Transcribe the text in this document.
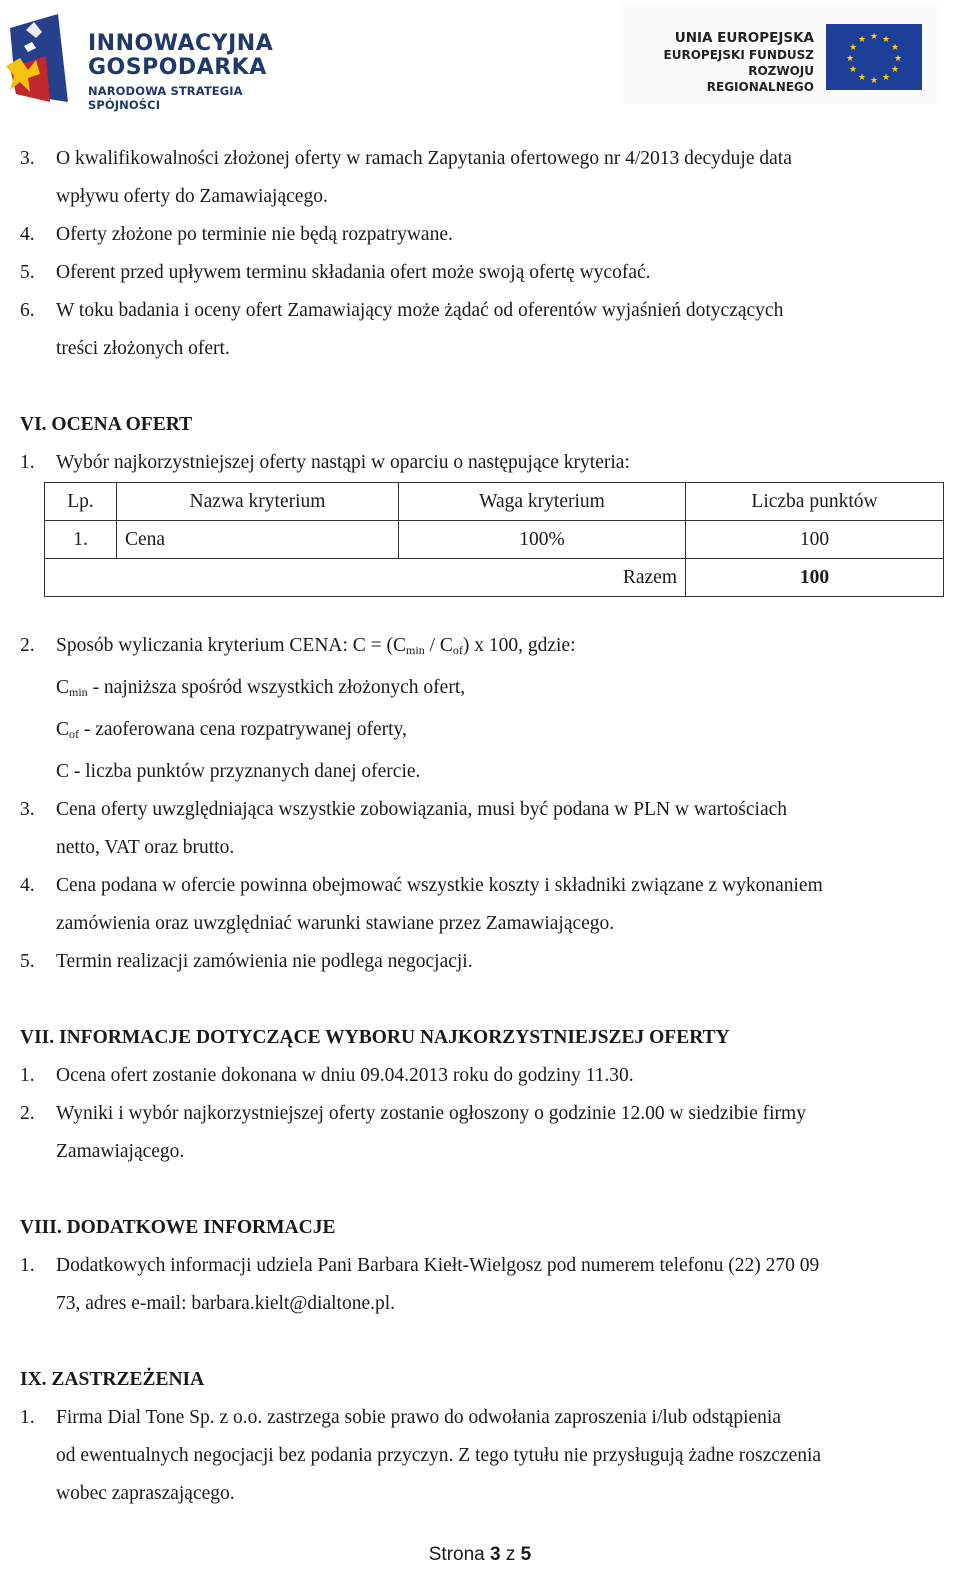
INNOWACYJNA
GOSPODARKA
NARODOWA STRATEGIA SPÓJNOŚCI
UNIA EUROPEJSKA
EUROPEJSKI FUNDUSZ
ROZWOJU REGIONALNEGO
★ ★
★
★
★
★
★
★
★
★
★
★
3.	O kwalifikowalności złożonej oferty w ramach Zapytania ofertowego nr 4/2013 decyduje data
wpływu oferty do Zamawiającego.
4.	Oferty złożone po terminie nie będą rozpatrywane.
5.	Oferent przed upływem terminu składania ofert może swoją ofertę wycofać.
6.	W toku badania i oceny ofert Zamawiający może żądać od oferentów wyjaśnień dotyczących
treści złożonych ofert.
VI. OCENA OFERT
1.	Wybór najkorzystniejszej oferty nastąpi w oparciu o następujące kryteria:
Lp.	Nazwa kryterium	Waga kryterium	Liczba punktów
1.	Cena	100%	100
Razem			100
2.	Sposób wyliczania kryterium CENA: $C = (C_{min} / C_{of})$ x 100, gdzie:
$C_{min}$ - najniższa spośród wszystkich złożonych ofert,
$C_{of}$ - zaoferowana cena rozpatrywanej oferty,
C - liczba punktów przyznanych danej ofercie.
3.	Cena oferty uwzględniająca wszystkie zobowiązania, musi być podana w PLN w wartościach
netto, VAT oraz brutto.
4.	Cena podana w ofercie powinna obejmować wszystkie koszty i składniki związane z wykonaniem
zamówienia oraz uwzględniać warunki stawiane przez Zamawiającego.
5.	Termin realizacji zamówienia nie podlega negocjacji.
VII. INFORMACJE DOTYCZĄCE WYBORU NAJKORZYSTNIEJSZEJ OFERTY
1.	Ocena ofert zostanie dokonana w dniu 09.04.2013 roku do godziny 11.30.
2.	Wyniki i wybór najkorzystniejszej oferty zostanie ogłoszony o godzinie 12.00 w siedzibie firmy
Zamawiającego.
VIII. DODATKOWE INFORMACJE
1.	Dodatkowych informacji udziela Pani Barbara Kiełt-Wielgosz pod numerem telefonu (22) 270 09
73, adres e-mail: barbara.kielt@dialtone.pl.
IX. ZASTRZEŻENIA
1.	Firma Dial Tone Sp. z o.o. zastrzega sobie prawo do odwołania zaproszenia i/lub odstąpienia
od ewentualnych negocjacji bez podania przyczyn. Z tego tytułu nie przysługują żadne roszczenia
wobec zapraszającego.
Strona 3 z 5
